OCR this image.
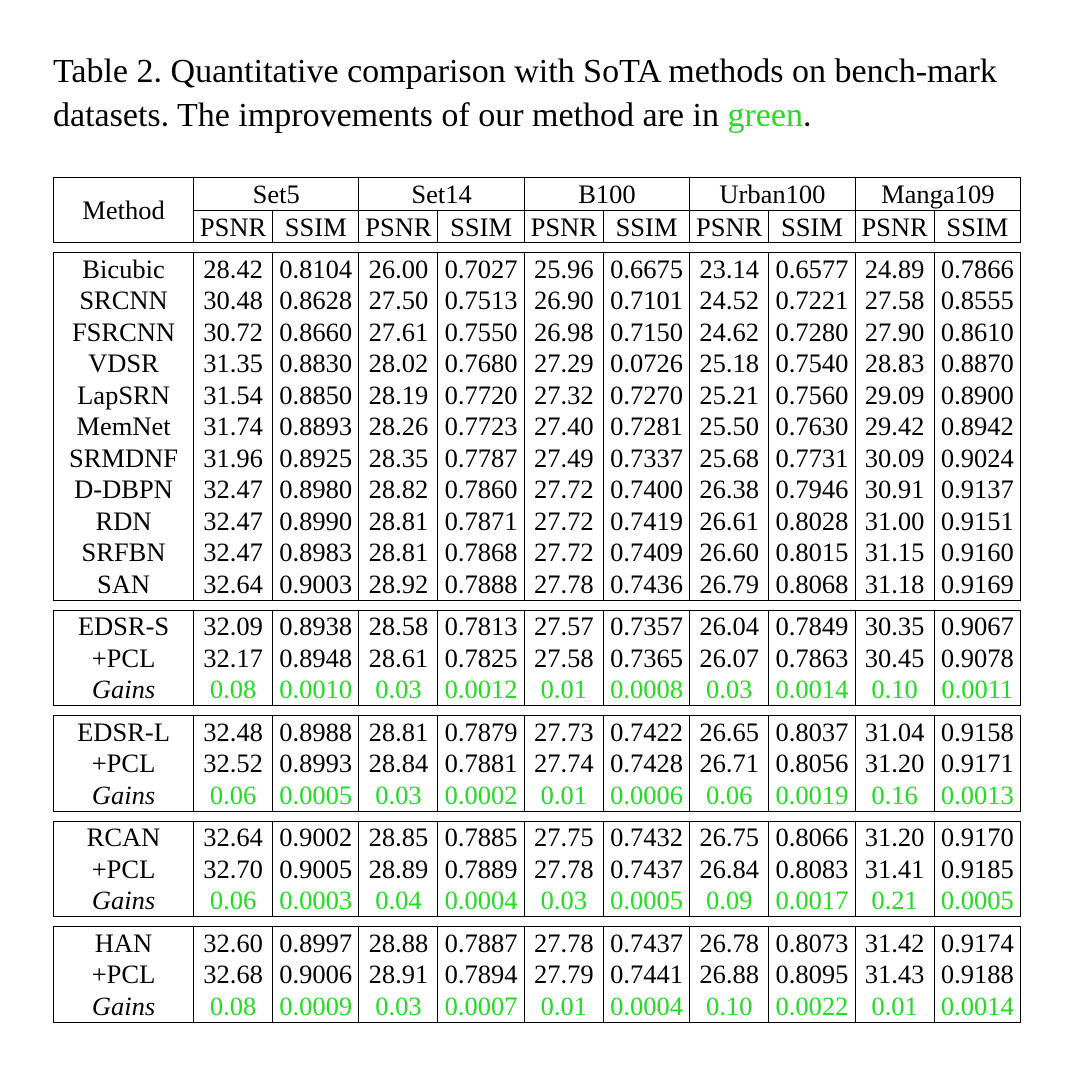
Table 2. Quantitative comparison with SoTA methods on bench-mark datasets. The improvements of our method are in green.

Method	Set5		Set14		B100		Urban100		Manga109	
	PSNR	SSIM	PSNR	SSIM	PSNR	SSIM	PSNR	SSIM	PSNR	SSIM

Bicubic	28.42	0.8104	26.00	0.7027	25.96	0.6675	23.14	0.6577	24.89	0.7866
SRCNN	30.48	0.8628	27.50	0.7513	26.90	0.7101	24.52	0.7221	27.58	0.8555
FSRCNN	30.72	0.8660	27.61	0.7550	26.98	0.7150	24.62	0.7280	27.90	0.8610
VDSR	31.35	0.8830	28.02	0.7680	27.29	0.0726	25.18	0.7540	28.83	0.8870
LapSRN	31.54	0.8850	28.19	0.7720	27.32	0.7270	25.21	0.7560	29.09	0.8900
MemNet	31.74	0.8893	28.26	0.7723	27.40	0.7281	25.50	0.7630	29.42	0.8942
SRMDNF	31.96	0.8925	28.35	0.7787	27.49	0.7337	25.68	0.7731	30.09	0.9024
D-DBPN	32.47	0.8980	28.82	0.7860	27.72	0.7400	26.38	0.7946	30.91	0.9137
RDN	32.47	0.8990	28.81	0.7871	27.72	0.7419	26.61	0.8028	31.00	0.9151
SRFBN	32.47	0.8983	28.81	0.7868	27.72	0.7409	26.60	0.8015	31.15	0.9160
SAN	32.64	0.9003	28.92	0.7888	27.78	0.7436	26.79	0.8068	31.18	0.9169

EDSR-S	32.09	0.8938	28.58	0.7813	27.57	0.7357	26.04	0.7849	30.35	0.9067
+PCL	32.17	0.8948	28.61	0.7825	27.58	0.7365	26.07	0.7863	30.45	0.9078
Gains	0.08	0.0010	0.03	0.0012	0.01	0.0008	0.03	0.0014	0.10	0.0011

EDSR-L	32.48	0.8988	28.81	0.7879	27.73	0.7422	26.65	0.8037	31.04	0.9158
+PCL	32.52	0.8993	28.84	0.7881	27.74	0.7428	26.71	0.8056	31.20	0.9171
Gains	0.06	0.0005	0.03	0.0002	0.01	0.0006	0.06	0.0019	0.16	0.0013

RCAN	32.64	0.9002	28.85	0.7885	27.75	0.7432	26.75	0.8066	31.20	0.9170
+PCL	32.70	0.9005	28.89	0.7889	27.78	0.7437	26.84	0.8083	31.41	0.9185
Gains	0.06	0.0003	0.04	0.0004	0.03	0.0005	0.09	0.0017	0.21	0.0005

HAN	32.60	0.8997	28.88	0.7887	27.78	0.7437	26.78	0.8073	31.42	0.9174
+PCL	32.68	0.9006	28.91	0.7894	27.79	0.7441	26.88	0.8095	31.43	0.9188
Gains	0.08	0.0009	0.03	0.0007	0.01	0.0004	0.10	0.0022	0.01	0.0014
